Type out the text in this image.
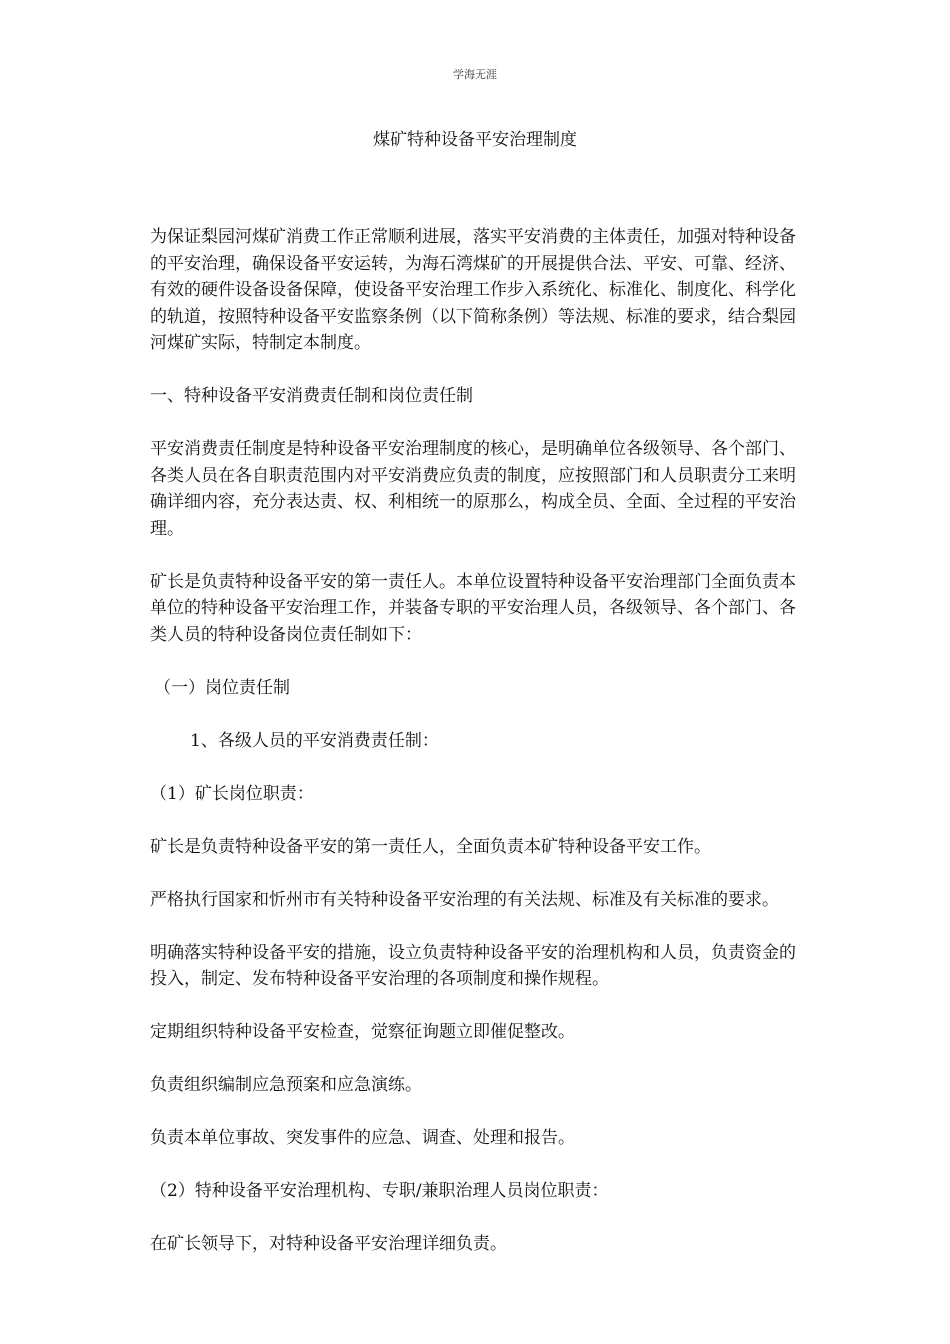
学海无涯
煤矿特种设备平安治理制度

为保证梨园河煤矿消费工作正常顺利进展，落实平安消费的主体责任，加强对特种设备的平安治理，确保设备平安运转，为海石湾煤矿的开展提供合法、平安、可靠、经济、有效的硬件设备设备保障，使设备平安治理工作步入系统化、标准化、制度化、科学化的轨道，按照特种设备平安监察条例（以下简称条例）等法规、标准的要求，结合梨园河煤矿实际，特制定本制度。

一、特种设备平安消费责任制和岗位责任制

平安消费责任制度是特种设备平安治理制度的核心，是明确单位各级领导、各个部门、各类人员在各自职责范围内对平安消费应负责的制度，应按照部门和人员职责分工来明确详细内容，充分表达责、权、利相统一的原那么，构成全员、全面、全过程的平安治理。

矿长是负责特种设备平安的第一责任人。本单位设置特种设备平安治理部门全面负责本单位的特种设备平安治理工作，并装备专职的平安治理人员，各级领导、各个部门、各类人员的特种设备岗位责任制如下：

（一）岗位责任制

1、各级人员的平安消费责任制：

（1）矿长岗位职责：

矿长是负责特种设备平安的第一责任人，全面负责本矿特种设备平安工作。

严格执行国家和忻州市有关特种设备平安治理的有关法规、标准及有关标准的要求。

明确落实特种设备平安的措施，设立负责特种设备平安的治理机构和人员，负责资金的投入，制定、发布特种设备平安治理的各项制度和操作规程。

定期组织特种设备平安检查，觉察征询题立即催促整改。

负责组织编制应急预案和应急演练。

负责本单位事故、突发事件的应急、调查、处理和报告。

（2）特种设备平安治理机构、专职/兼职治理人员岗位职责：

在矿长领导下，对特种设备平安治理详细负责。
